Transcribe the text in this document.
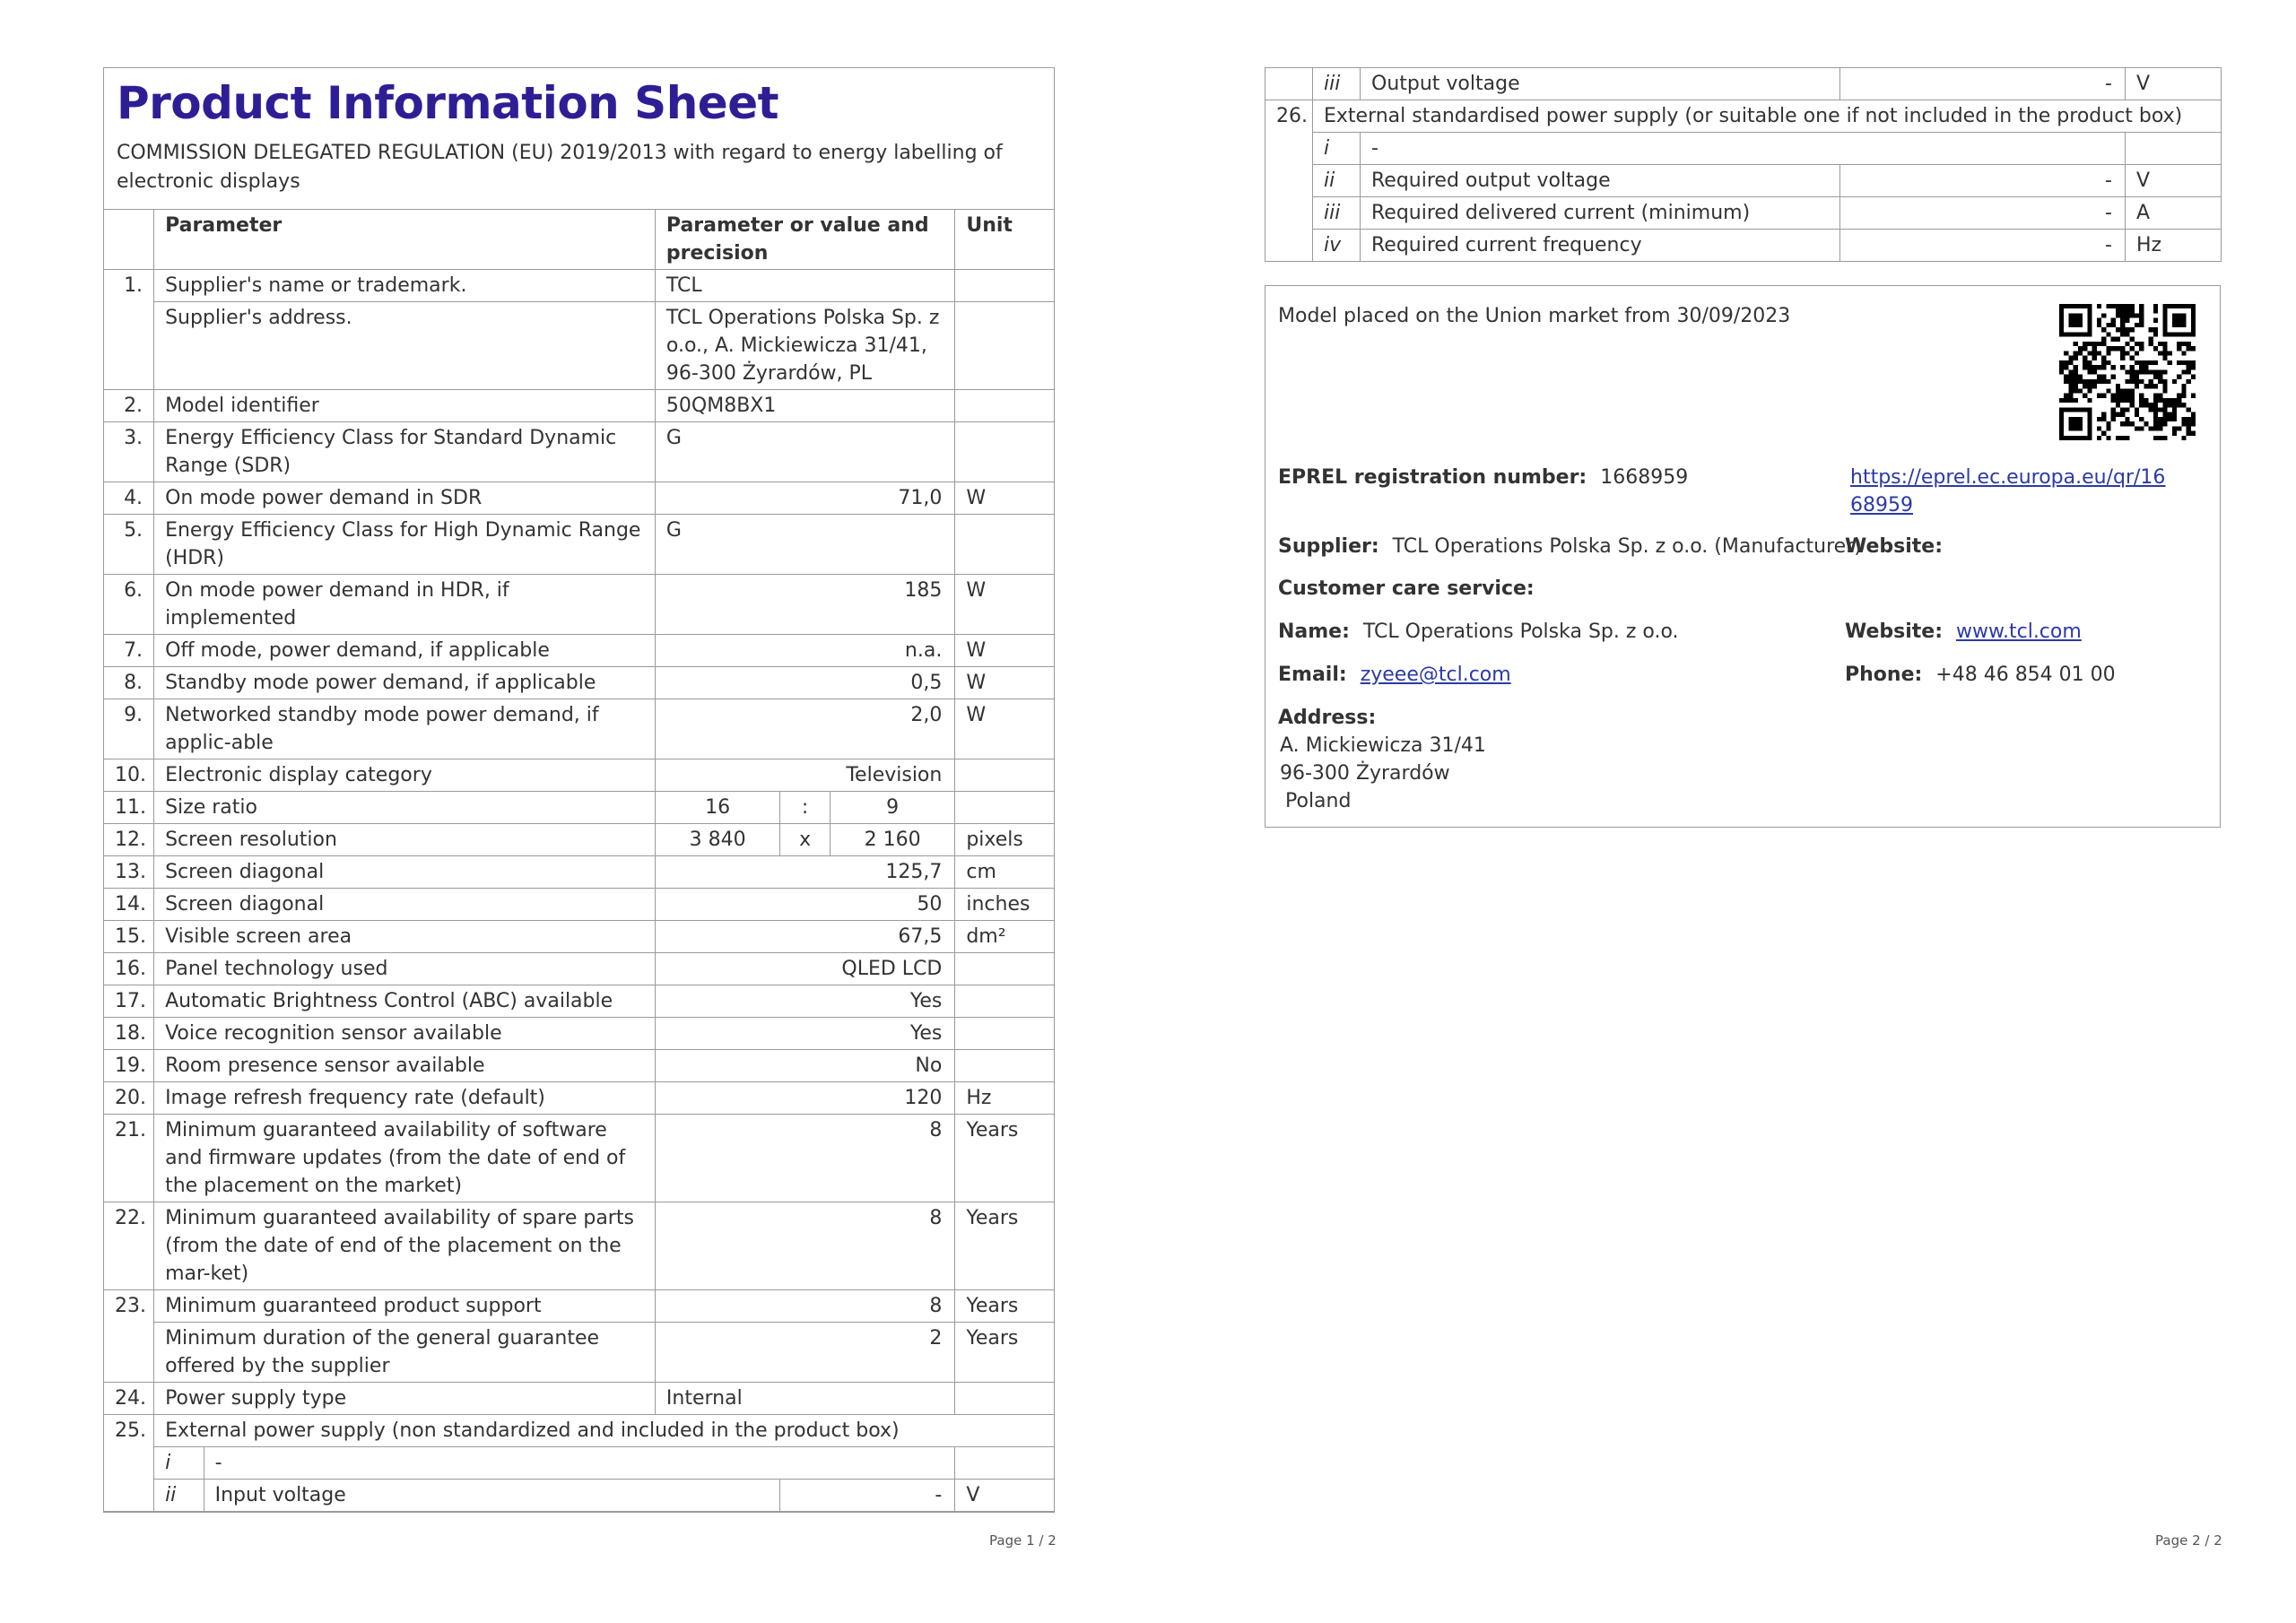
Product Information Sheet
COMMISSION DELEGATED REGULATION (EU) 2019/2013 with regard to energy labelling of electronic displays
	Parameter		Parameter or value and precision			Unit
1.	Supplier's name or trademark.		TCL			
	Supplier's address.		TCL Operations Polska Sp. z o.o., A. Mickiewicza 31/41, 96-300 Żyrardów, PL			
2.	Model identifier		50QM8BX1			
3.	Energy Efficiency Class for Standard Dynamic Range (SDR)		G			
4.	On mode power demand in SDR		71,0			W
5.	Energy Efficiency Class for High Dynamic Range (HDR)		G			
6.	On mode power demand in HDR, if implemented		185			W
7.	Off mode, power demand, if applicable		n.a.			W
8.	Standby mode power demand, if applicable		0,5			W
9.	Networked standby mode power demand, if applic-able		2,0			W
10.	Electronic display category		Television			
11.	Size ratio		16	:	9	
12.	Screen resolution		3 840	x	2 160	pixels
13.	Screen diagonal		125,7			cm
14.	Screen diagonal		50			inches
15.	Visible screen area		67,5			dm²
16.	Panel technology used		QLED LCD			
17.	Automatic Brightness Control (ABC) available		Yes			
18.	Voice recognition sensor available		Yes			
19.	Room presence sensor available		No			
20.	Image refresh frequency rate (default)		120			Hz
21.	Minimum guaranteed availability of software and firmware updates (from the date of end of the placement on the market)		8			Years
22.	Minimum guaranteed availability of spare parts (from the date of end of the placement on the mar-ket)		8			Years
23.	Minimum guaranteed product support		8			Years
	Minimum duration of the general guarantee offered by the supplier		2			Years
24.	Power supply type		Internal			
25.	External power supply (non standardized and included in the product box)					
	i	-				
	ii	Input voltage		-		V
Page 1 / 2
	iii	Output voltage	-	V
26.	External standardised power supply (or suitable one if not included in the product box)			
	i	-		
	ii	Required output voltage	-	V
	iii	Required delivered current (minimum)	-	A
	iv	Required current frequency	-	Hz
Model placed on the Union market from 30/09/2023
EPREL registration number: 1668959	https://eprel.ec.europa.eu/qr/16
68959
Supplier: TCL Operations Polska Sp. z o.o. (Manufacturer)
Website:
Customer care service:
Name: TCL Operations Polska Sp. z o.o.	Website: www.tcl.com
Email: zyeee@tcl.com	Phone: +48 46 854 01 00
Address:
A. Mickiewicza 31/41
96-300 Żyrardów
Poland
Page 2 / 2
